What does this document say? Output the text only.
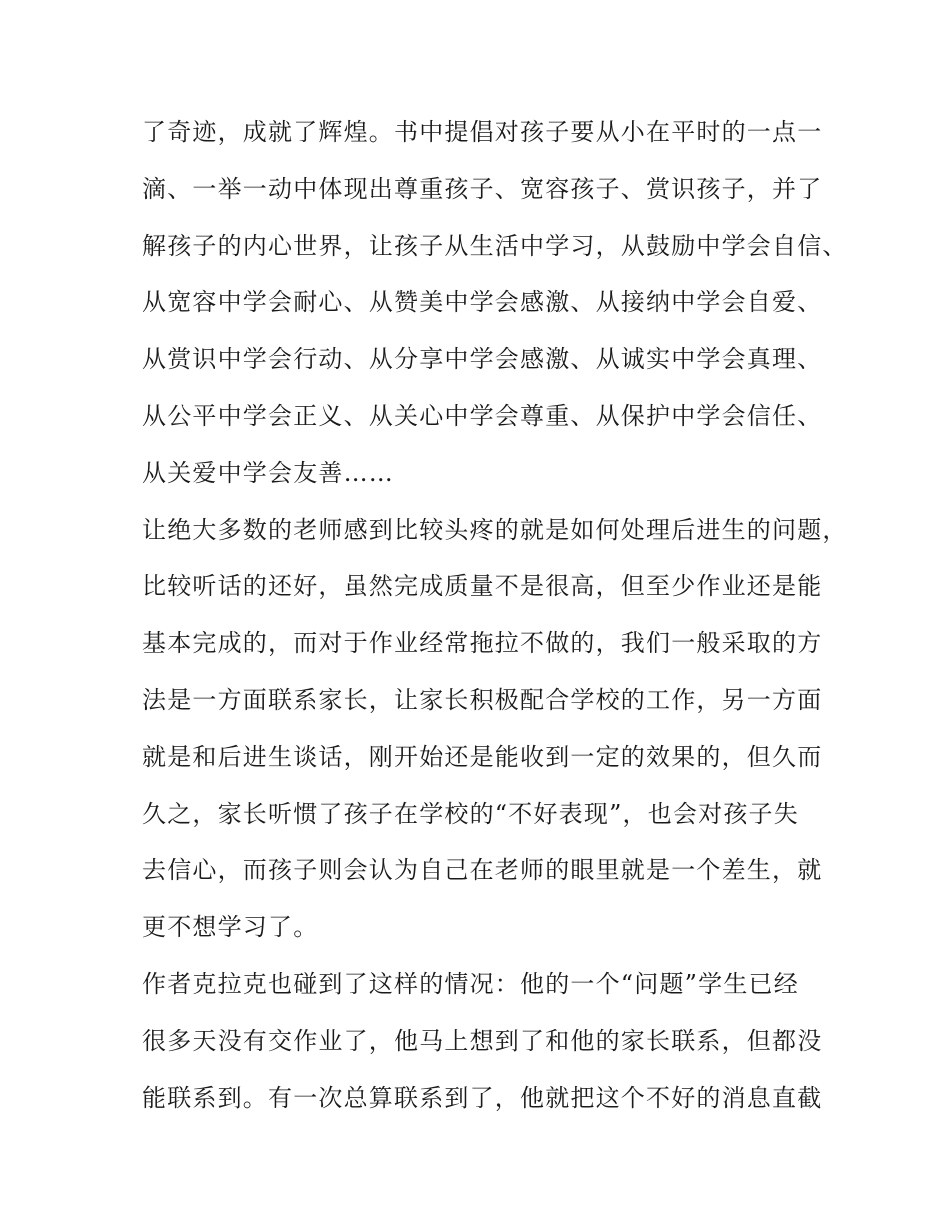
了奇迹，成就了辉煌。书中提倡对孩子要从小在平时的一点一
滴、一举一动中体现出尊重孩子、宽容孩子、赏识孩子，并了
解孩子的内心世界，让孩子从生活中学习，从鼓励中学会自信、
从宽容中学会耐心、从赞美中学会感激、从接纳中学会自爱、
从赏识中学会行动、从分享中学会感激、从诚实中学会真理、
从公平中学会正义、从关心中学会尊重、从保护中学会信任、
从关爱中学会友善……
让绝大多数的老师感到比较头疼的就是如何处理后进生的问题，
比较听话的还好，虽然完成质量不是很高，但至少作业还是能
基本完成的，而对于作业经常拖拉不做的，我们一般采取的方
法是一方面联系家长，让家长积极配合学校的工作，另一方面
就是和后进生谈话，刚开始还是能收到一定的效果的，但久而
久之，家长听惯了孩子在学校的“不好表现”，也会对孩子失
去信心，而孩子则会认为自己在老师的眼里就是一个差生，就
更不想学习了。
作者克拉克也碰到了这样的情况：他的一个“问题”学生已经
很多天没有交作业了，他马上想到了和他的家长联系，但都没
能联系到。有一次总算联系到了，他就把这个不好的消息直截
